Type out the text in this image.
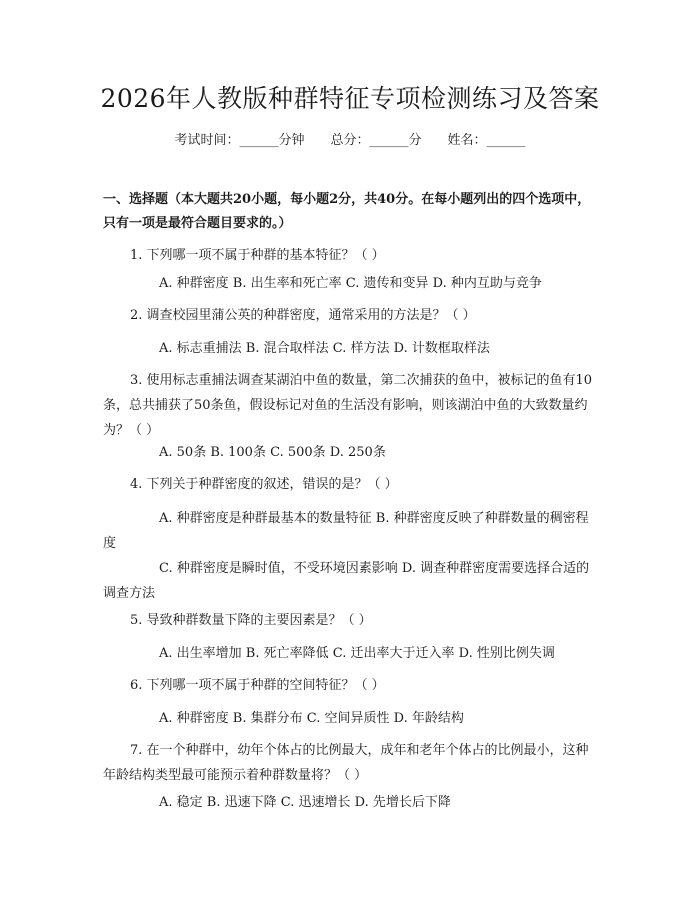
2026年人教版种群特征专项检测练习及答案
考试时间：______分钟 总分：______分 姓名：______
一、选择题（本大题共20小题，每小题2分，共40分。在每小题列出的四个选项中，只有一项是最符合题目要求的。）
1. 下列哪一项不属于种群的基本特征？（ ）
A. 种群密度 B. 出生率和死亡率 C. 遗传和变异 D. 种内互助与竞争
2. 调查校园里蒲公英的种群密度，通常采用的方法是？（ ）
A. 标志重捕法 B. 混合取样法 C. 样方法 D. 计数框取样法
3. 使用标志重捕法调查某湖泊中鱼的数量，第二次捕获的鱼中，被标记的鱼有10条，总共捕获了50条鱼，假设标记对鱼的生活没有影响，则该湖泊中鱼的大致数量约为？（ ）
A. 50条 B. 100条 C. 500条 D. 250条
4. 下列关于种群密度的叙述，错误的是？（ ）
A. 种群密度是种群最基本的数量特征 B. 种群密度反映了种群数量的稠密程度
C. 种群密度是瞬时值，不受环境因素影响 D. 调查种群密度需要选择合适的调查方法
5. 导致种群数量下降的主要因素是？（ ）
A. 出生率增加 B. 死亡率降低 C. 迁出率大于迁入率 D. 性别比例失调
6. 下列哪一项不属于种群的空间特征？（ ）
A. 种群密度 B. 集群分布 C. 空间异质性 D. 年龄结构
7. 在一个种群中，幼年个体占的比例最大，成年和老年个体占的比例最小，这种年龄结构类型最可能预示着种群数量将？（ ）
A. 稳定 B. 迅速下降 C. 迅速增长 D. 先增长后下降
